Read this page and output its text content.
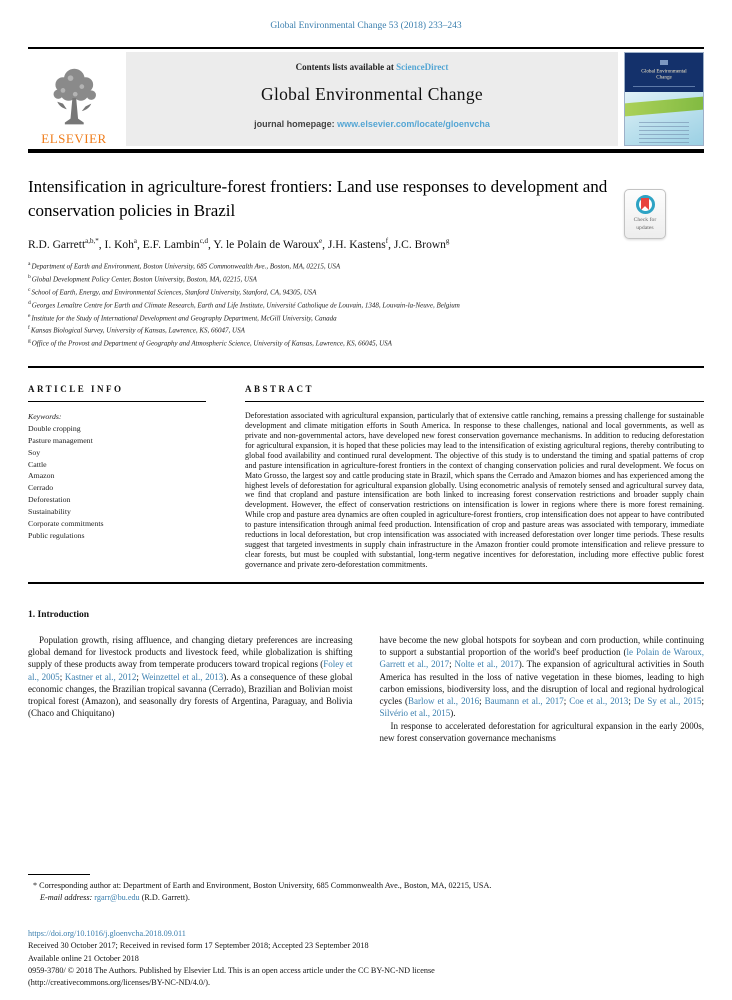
Global Environmental Change 53 (2018) 233–243
ELSEVIER
Contents lists available at ScienceDirect
Global Environmental Change
journal homepage: www.elsevier.com/locate/gloenvcha
Global Environmental Change
Intensification in agriculture-forest frontiers: Land use responses to development and conservation policies in Brazil
Check for
updates
R.D. Garrett$^{a,b,*}$, I. Koh$^a$, E.F. Lambin$^{c,d}$, Y. le Polain de Waroux$^e$, J.H. Kastens$^f$, J.C. Brown$^g$
$^a$Department of Earth and Environment, Boston University, 685 Commonwealth Ave., Boston, MA, 02215, USA
$^b$Global Development Policy Center, Boston University, Boston, MA, 02215, USA
$^c$School of Earth, Energy, and Environmental Sciences, Stanford University, Stanford, CA, 94305, USA
$^d$Georges Lemaître Centre for Earth and Climate Research, Earth and Life Institute, Université Catholique de Louvain, 1348, Louvain-la-Neuve, Belgium
$^e$Institute for the Study of International Development and Geography Department, McGill University, Canada
$^f$Kansas Biological Survey, University of Kansas, Lawrence, KS, 66047, USA
$^g$Office of the Provost and Department of Geography and Atmospheric Science, University of Kansas, Lawrence, KS, 66045, USA
ARTICLE INFO
Keywords:
Double cropping
Pasture management
Soy
Cattle
Amazon
Cerrado
Deforestation
Sustainability
Corporate commitments
Public regulations
ABSTRACT
Deforestation associated with agricultural expansion, particularly that of extensive cattle ranching, remains a pressing challenge for sustainable development and climate mitigation efforts in South America. In response to these challenges, national and local governments, as well as private and non-governmental actors, have developed new forest conservation governance mechanisms. In addition to reducing deforestation for agricultural expansion, it is hoped that these policies may lead to the intensification of existing agricultural regions, thereby contributing to global food availability and continued rural development. The objective of this study is to understand the timing and spatial patterns of crop and pasture intensification in agriculture-forest frontiers in the context of changing conservation policies and rural development. We focus on Mato Grosso, the largest soy and cattle producing state in Brazil, which spans the Cerrado and Amazon biomes and has experienced among the highest levels of deforestation for agricultural expansion globally. Using econometric analysis of remotely sensed and agricultural survey data, we find that cropland and pasture intensification are both linked to increasing forest conservation restrictions and broader supply chain development. However, the effect of conservation restrictions on intensification is lower in regions where there is more forest remaining. While crop and pasture area dynamics are often coupled in agriculture-forest frontiers, crop intensification does not appear to have contributed to pasture intensification through animal feed production. Intensification of crop and pasture areas was associated with temporary, immediate reductions in local deforestation, but crop intensification was associated with increased deforestation over longer time periods. These results suggest that targeted investments in supply chain infrastructure in the Amazon frontier could promote intensification and relieve pressure to clear forests, but must be coupled with substantial, long-term negative incentives for deforestation, including more effective public forest governance and private zero-deforestation commitments.
1. Introduction

Population growth, rising affluence, and changing dietary preferences are increasing global demand for livestock products and livestock feed, while globalization is shifting supply of these products away from temperate producers toward tropical regions (Foley et al., 2005; Kastner et al., 2012; Weinzettel et al., 2013). As a consequence of these global economic changes, the Brazilian tropical savanna (Cerrado), Brazilian and Bolivian moist tropical forest (Amazon), and seasonally dry forests of Argentina, Paraguay, and Bolivia (Chaco and Chiquitano)

have become the new global hotspots for soybean and corn production, while continuing to support a substantial proportion of the world's beef production (le Polain de Waroux, Garrett et al., 2017; Nolte et al., 2017). The expansion of agricultural activities in South America has resulted in the loss of native vegetation in these biomes, leading to high carbon emissions, biodiversity loss, and the disruption of local and regional hydrological cycles (Barlow et al., 2016; Baumann et al., 2017; Coe et al., 2013; De Sy et al., 2015; Silvério et al., 2015).

In response to accelerated deforestation for agricultural expansion in the early 2000s, new forest conservation governance mechanisms

* Corresponding author at: Department of Earth and Environment, Boston University, 685 Commonwealth Ave., Boston, MA, 02215, USA.
E-mail address: rgarr@bu.edu (R.D. Garrett).
https://doi.org/10.1016/j.gloenvcha.2018.09.011
Received 30 October 2017; Received in revised form 17 September 2018; Accepted 23 September 2018
Available online 21 October 2018
0959-3780/ © 2018 The Authors. Published by Elsevier Ltd. This is an open access article under the CC BY-NC-ND license
(http://creativecommons.org/licenses/BY-NC-ND/4.0/).
